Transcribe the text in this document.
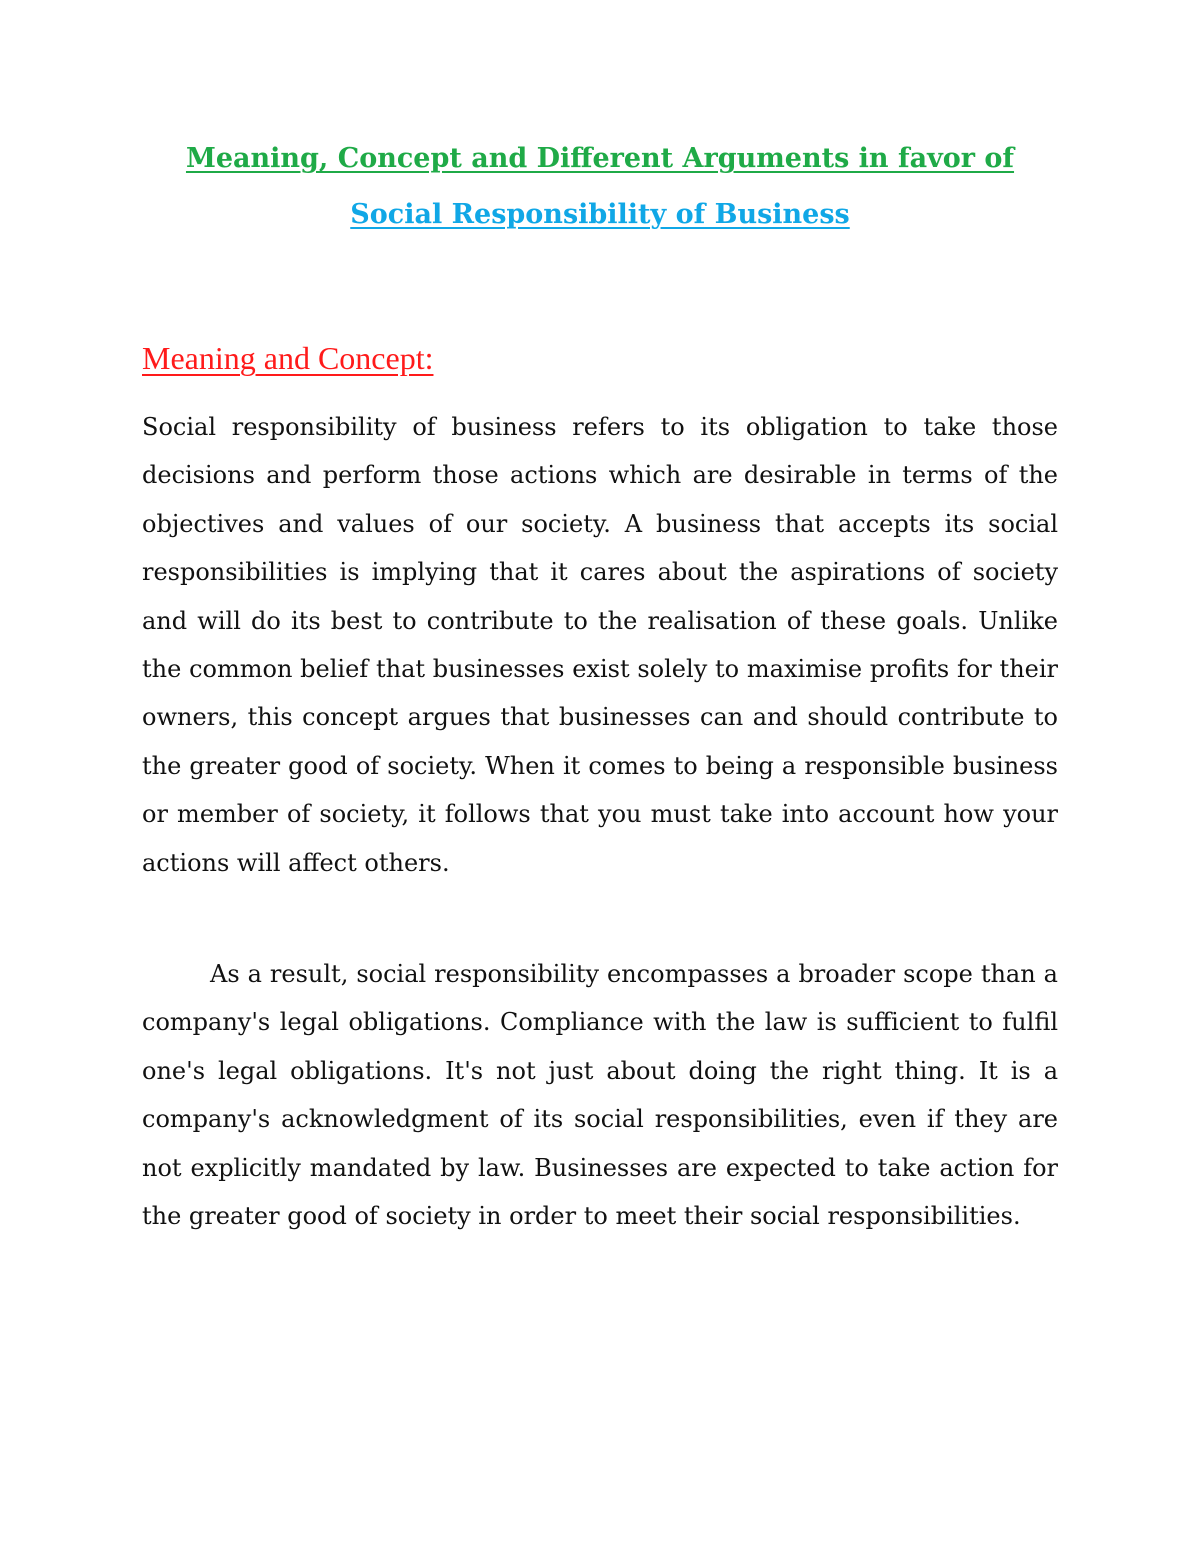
Meaning, Concept and Different Arguments in favor of
Social Responsibility of Business
Meaning and Concept:

Social responsibility of business refers to its obligation to take those decisions and perform those actions which are desirable in terms of the objectives and values of our society. A business that accepts its social responsibilities is implying that it cares about the aspirations of society and will do its best to contribute to the realisation of these goals. Unlike the common belief that businesses exist solely to maximise profits for their owners, this concept argues that businesses can and should contribute to the greater good of society. When it comes to being a responsible business or member of society, it follows that you must take into account how your actions will affect others.

As a result, social responsibility encompasses a broader scope than a company's legal obligations. Compliance with the law is sufficient to fulfil one's legal obligations. It's not just about doing the right thing. It is a company's acknowledgment of its social responsibilities, even if they are not explicitly mandated by law. Businesses are expected to take action for the greater good of society in order to meet their social responsibilities.
